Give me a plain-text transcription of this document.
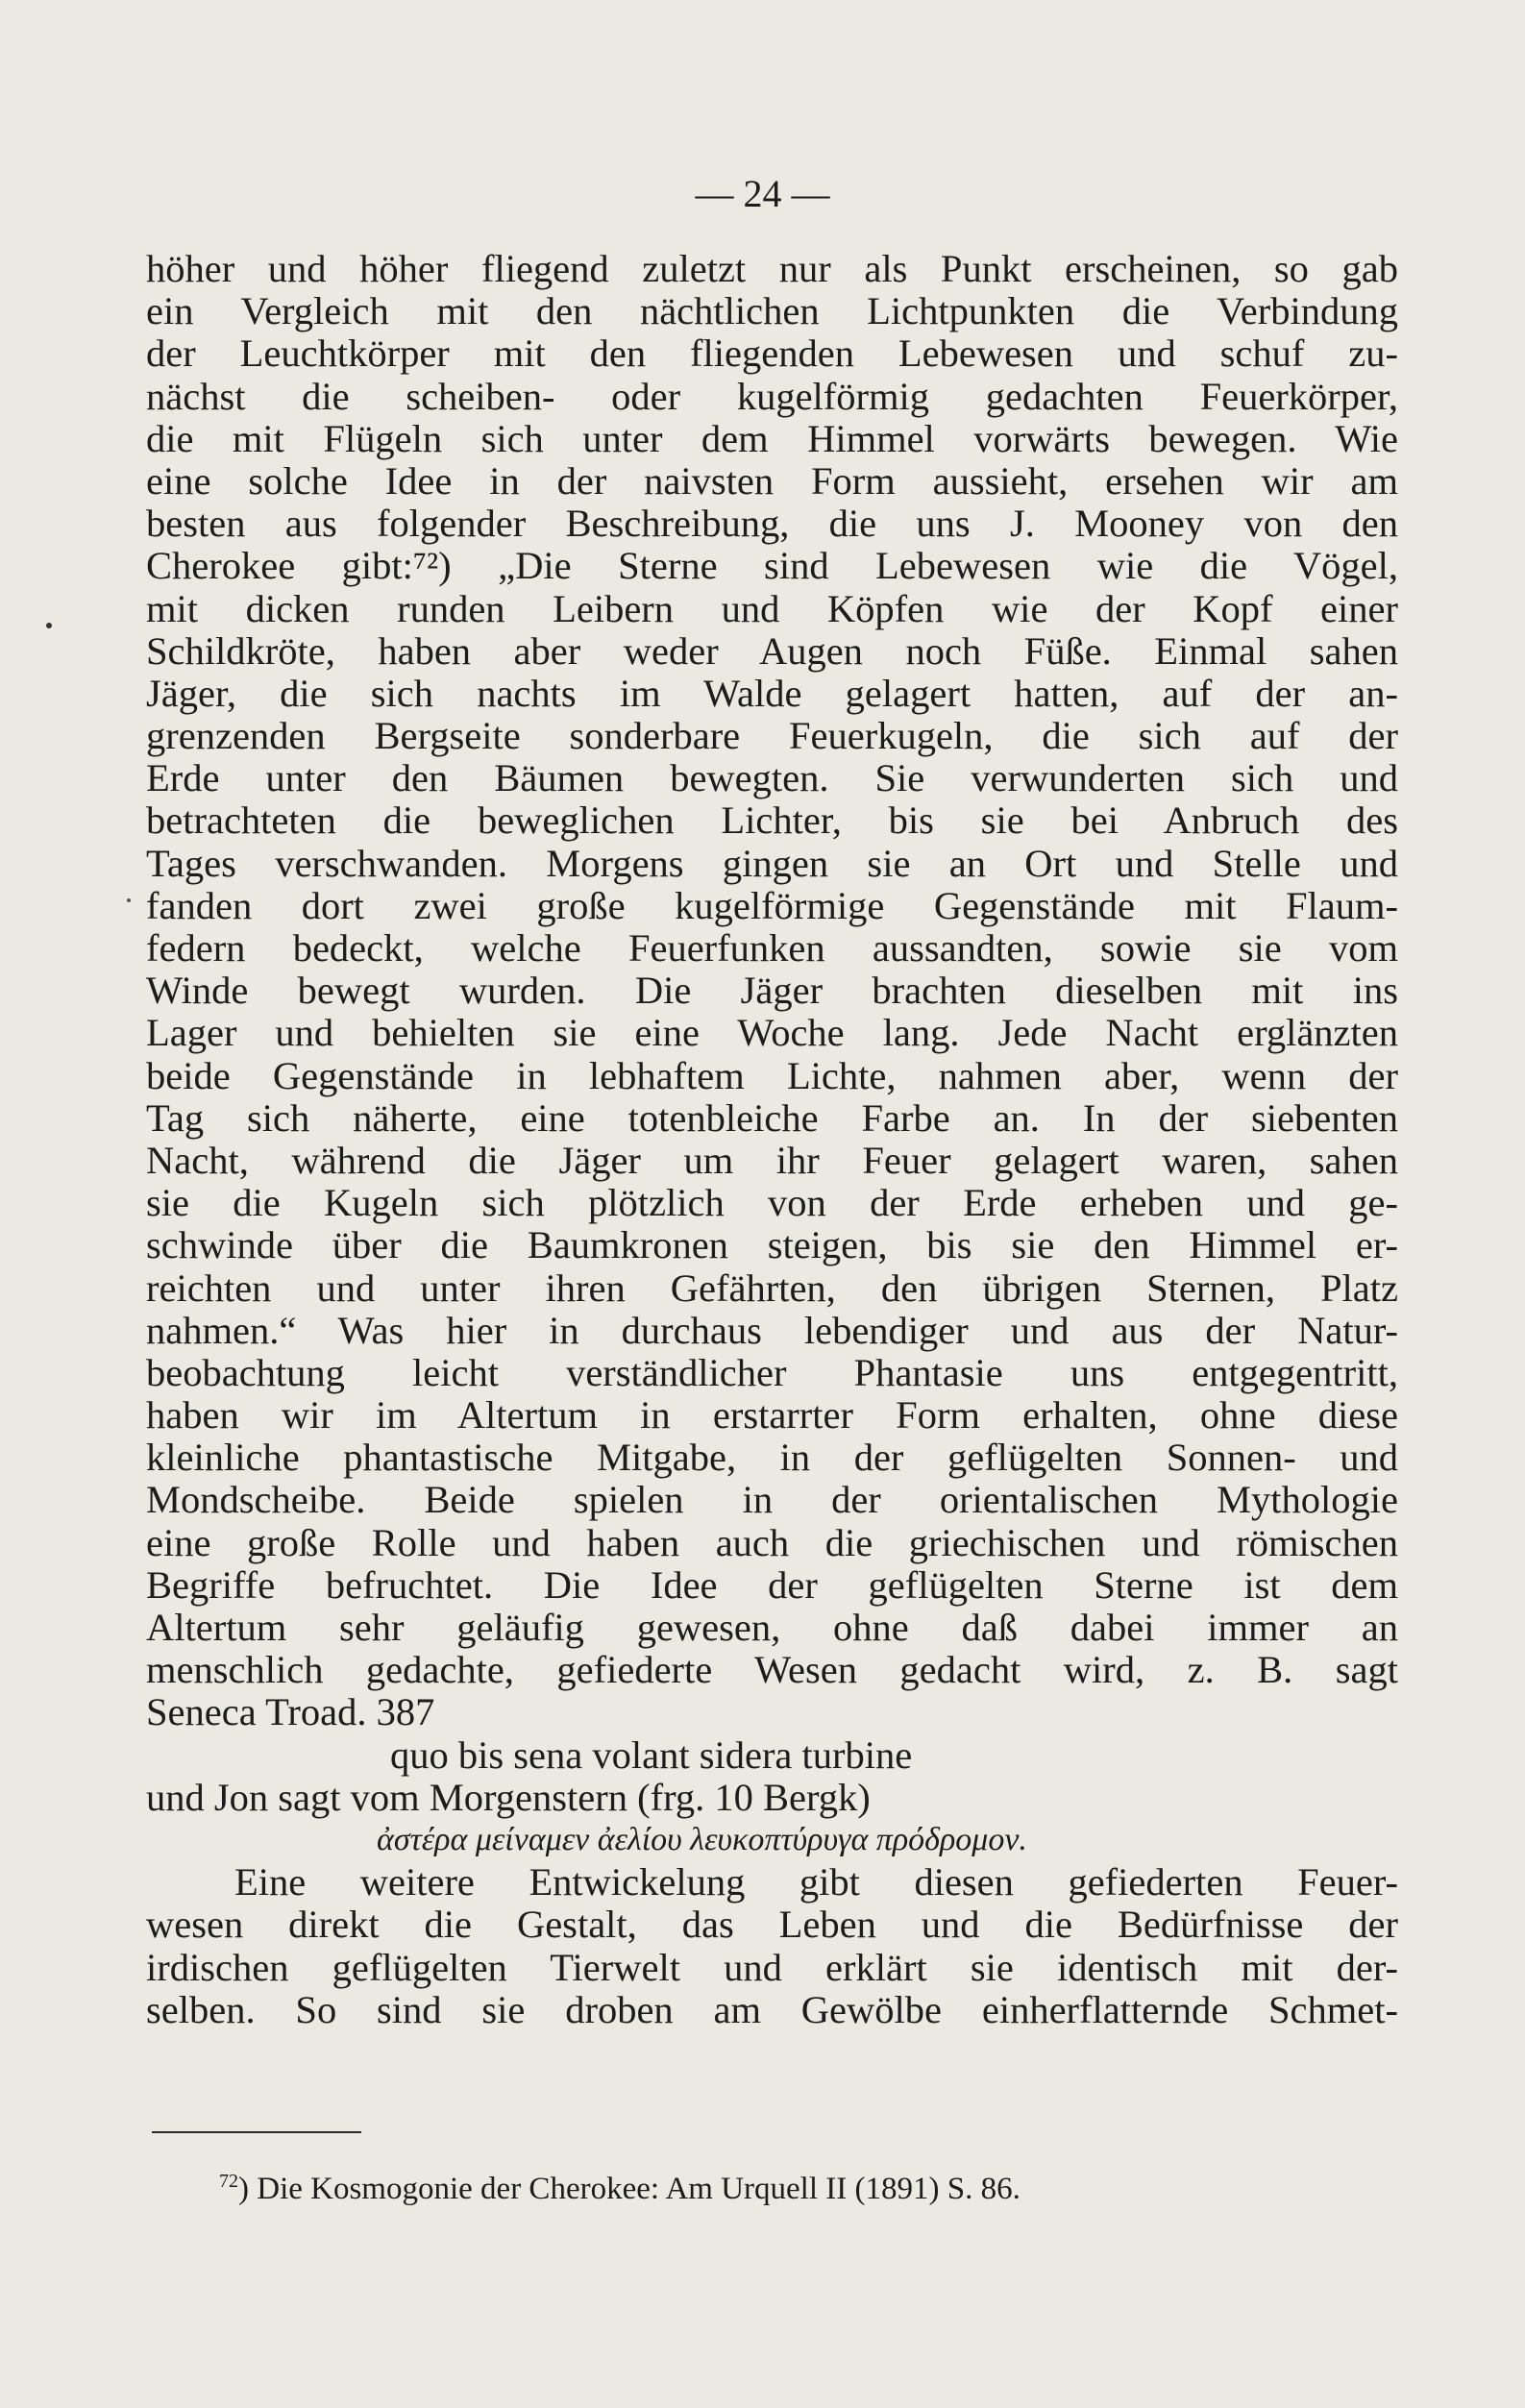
— 24 —
höher und höher fliegend zuletzt nur als Punkt erscheinen, so gab
ein Vergleich mit den nächtlichen Lichtpunkten die Verbindung
der Leuchtkörper mit den fliegenden Lebewesen und schuf zu-
nächst die scheiben- oder kugelförmig gedachten Feuerkörper,
die mit Flügeln sich unter dem Himmel vorwärts bewegen. Wie
eine solche Idee in der naivsten Form aussieht, ersehen wir am
besten aus folgender Beschreibung, die uns J. Mooney von den
Cherokee gibt:⁷²) „Die Sterne sind Lebewesen wie die Vögel,
mit dicken runden Leibern und Köpfen wie der Kopf einer
Schildkröte, haben aber weder Augen noch Füße. Einmal sahen
Jäger, die sich nachts im Walde gelagert hatten, auf der an-
grenzenden Bergseite sonderbare Feuerkugeln, die sich auf der
Erde unter den Bäumen bewegten. Sie verwunderten sich und
betrachteten die beweglichen Lichter, bis sie bei Anbruch des
Tages verschwanden. Morgens gingen sie an Ort und Stelle und
fanden dort zwei große kugelförmige Gegenstände mit Flaum-
federn bedeckt, welche Feuerfunken aussandten, sowie sie vom
Winde bewegt wurden. Die Jäger brachten dieselben mit ins
Lager und behielten sie eine Woche lang. Jede Nacht erglänzten
beide Gegenstände in lebhaftem Lichte, nahmen aber, wenn der
Tag sich näherte, eine totenbleiche Farbe an. In der siebenten
Nacht, während die Jäger um ihr Feuer gelagert waren, sahen
sie die Kugeln sich plötzlich von der Erde erheben und ge-
schwinde über die Baumkronen steigen, bis sie den Himmel er-
reichten und unter ihren Gefährten, den übrigen Sternen, Platz
nahmen.“ Was hier in durchaus lebendiger und aus der Natur-
beobachtung leicht verständlicher Phantasie uns entgegentritt,
haben wir im Altertum in erstarrter Form erhalten, ohne diese
kleinliche phantastische Mitgabe, in der geflügelten Sonnen- und
Mondscheibe. Beide spielen in der orientalischen Mythologie
eine große Rolle und haben auch die griechischen und römischen
Begriffe befruchtet. Die Idee der geflügelten Sterne ist dem
Altertum sehr geläufig gewesen, ohne daß dabei immer an
menschlich gedachte, gefiederte Wesen gedacht wird, z. B. sagt
Seneca Troad. 387
quo bis sena volant sidera turbine
und Jon sagt vom Morgenstern (frg. 10 Bergk)
ἀστέρα μείναμεν ἀελίου λευκοπτύρυγα πρόδρομον.
Eine weitere Entwickelung gibt diesen gefiederten Feuer-
wesen direkt die Gestalt, das Leben und die Bedürfnisse der
irdischen geflügelten Tierwelt und erklärt sie identisch mit der-
selben. So sind sie droben am Gewölbe einherflatternde Schmet-
$^{72}$) Die Kosmogonie der Cherokee: Am Urquell II (1891) S. 86.
